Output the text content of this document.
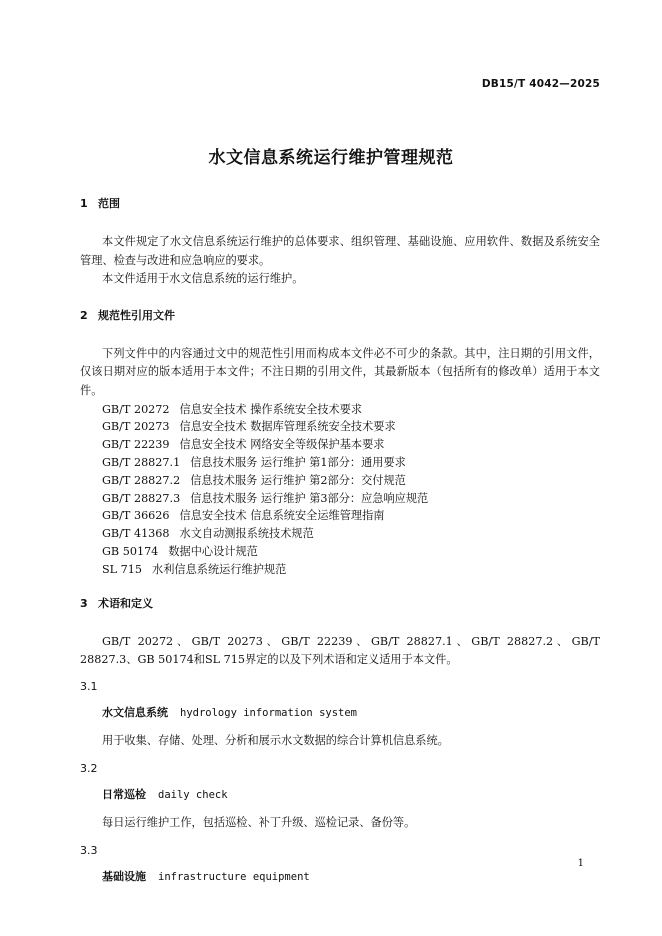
DB15/T 4042—2025
水文信息系统运行维护管理规范
1 范围

本文件规定了水文信息系统运行维护的总体要求、组织管理、基础设施、应用软件、数据及系统安全管理、检查与改进和应急响应的要求。

本文件适用于水文信息系统的运行维护。

2 规范性引用文件

下列文件中的内容通过文中的规范性引用而构成本文件必不可少的条款。其中，注日期的引用文件，仅该日期对应的版本适用于本文件；不注日期的引用文件，其最新版本（包括所有的修改单）适用于本文件。

GB/T 20272 信息安全技术 操作系统安全技术要求
GB/T 20273 信息安全技术 数据库管理系统安全技术要求
GB/T 22239 信息安全技术 网络安全等级保护基本要求
GB/T 28827.1 信息技术服务 运行维护 第1部分：通用要求
GB/T 28827.2 信息技术服务 运行维护 第2部分：交付规范
GB/T 28827.3 信息技术服务 运行维护 第3部分：应急响应规范
GB/T 36626 信息安全技术 信息系统安全运维管理指南
GB/T 41368 水文自动测报系统技术规范
GB 50174 数据中心设计规范
SL 715 水利信息系统运行维护规范
3 术语和定义

GB/T 20272、GB/T 20273、GB/T 22239、GB/T 28827.1、GB/T 28827.2、GB/T 28827.3、GB 50174和SL 715界定的以及下列术语和定义适用于本文件。

3.1
水文信息系统 hydrology information system
用于收集、存储、处理、分析和展示水文数据的综合计算机信息系统。
3.2
日常巡检 daily check
每日运行维护工作，包括巡检、补丁升级、巡检记录、备份等。
3.3
基础设施 infrastructure equipment
1
